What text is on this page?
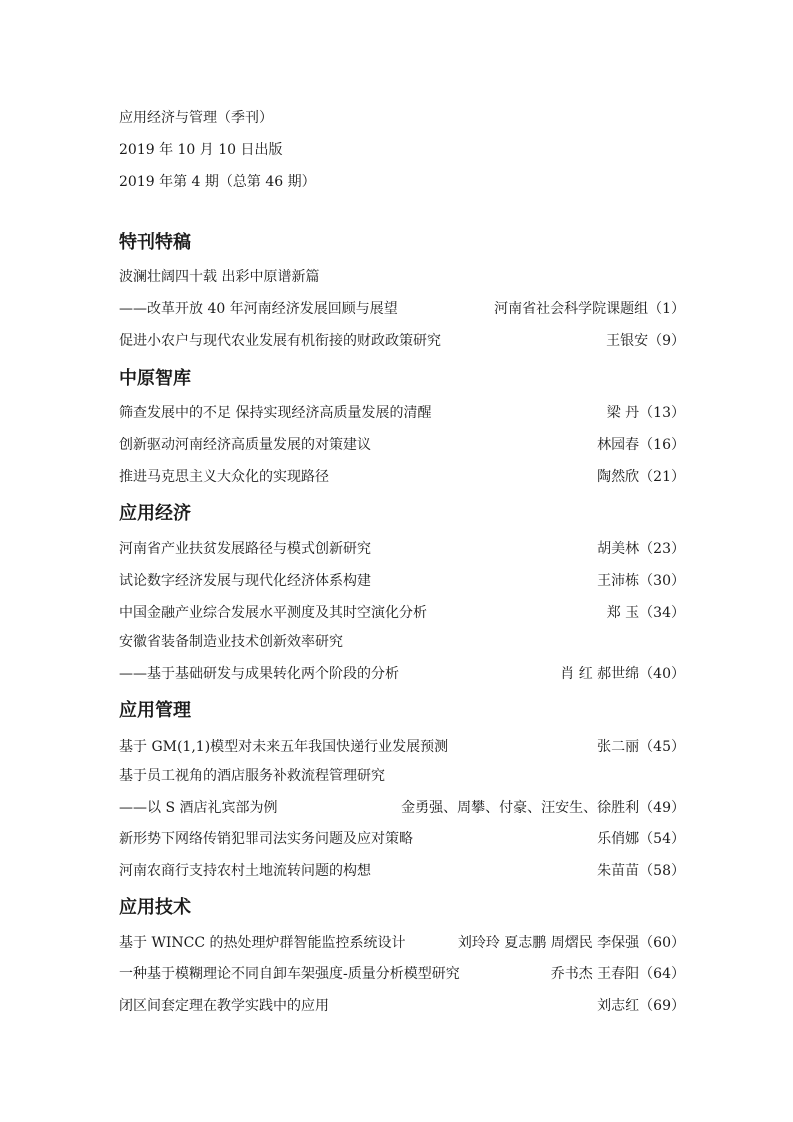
应用经济与管理（季刊）
2019 年 10 月 10 日出版
2019 年第 4 期（总第 46 期）
特刊特稿
波澜壮阔四十载 出彩中原谱新篇
——改革开放 40 年河南经济发展回顾与展望	河南省社会科学院课题组（1）
促进小农户与现代农业发展有机衔接的财政政策研究	王银安（9）
中原智库
筛查发展中的不足 保持实现经济高质量发展的清醒	梁 丹（13）
创新驱动河南经济高质量发展的对策建议	林园春（16）
推进马克思主义大众化的实现路径	陶然欣（21）
应用经济
河南省产业扶贫发展路径与模式创新研究	胡美林（23）
试论数字经济发展与现代化经济体系构建	王沛栋（30）
中国金融产业综合发展水平测度及其时空演化分析	郑 玉（34）
安徽省装备制造业技术创新效率研究
——基于基础研发与成果转化两个阶段的分析	肖 红 郝世绵（40）
应用管理
基于 GM(1,1)模型对未来五年我国快递行业发展预测	张二丽（45）
基于员工视角的酒店服务补救流程管理研究
——以 S 酒店礼宾部为例	金勇强、周攀、付豪、汪安生、徐胜利（49）
新形势下网络传销犯罪司法实务问题及应对策略	乐俏娜（54）
河南农商行支持农村土地流转问题的构想	朱苗苗（58）
应用技术
基于 WINCC 的热处理炉群智能监控系统设计	刘玲玲 夏志鹏 周熠民 李保强（60）
一种基于模糊理论不同自卸车架强度-质量分析模型研究	乔书杰 王春阳（64）
闭区间套定理在教学实践中的应用	刘志红（69）
